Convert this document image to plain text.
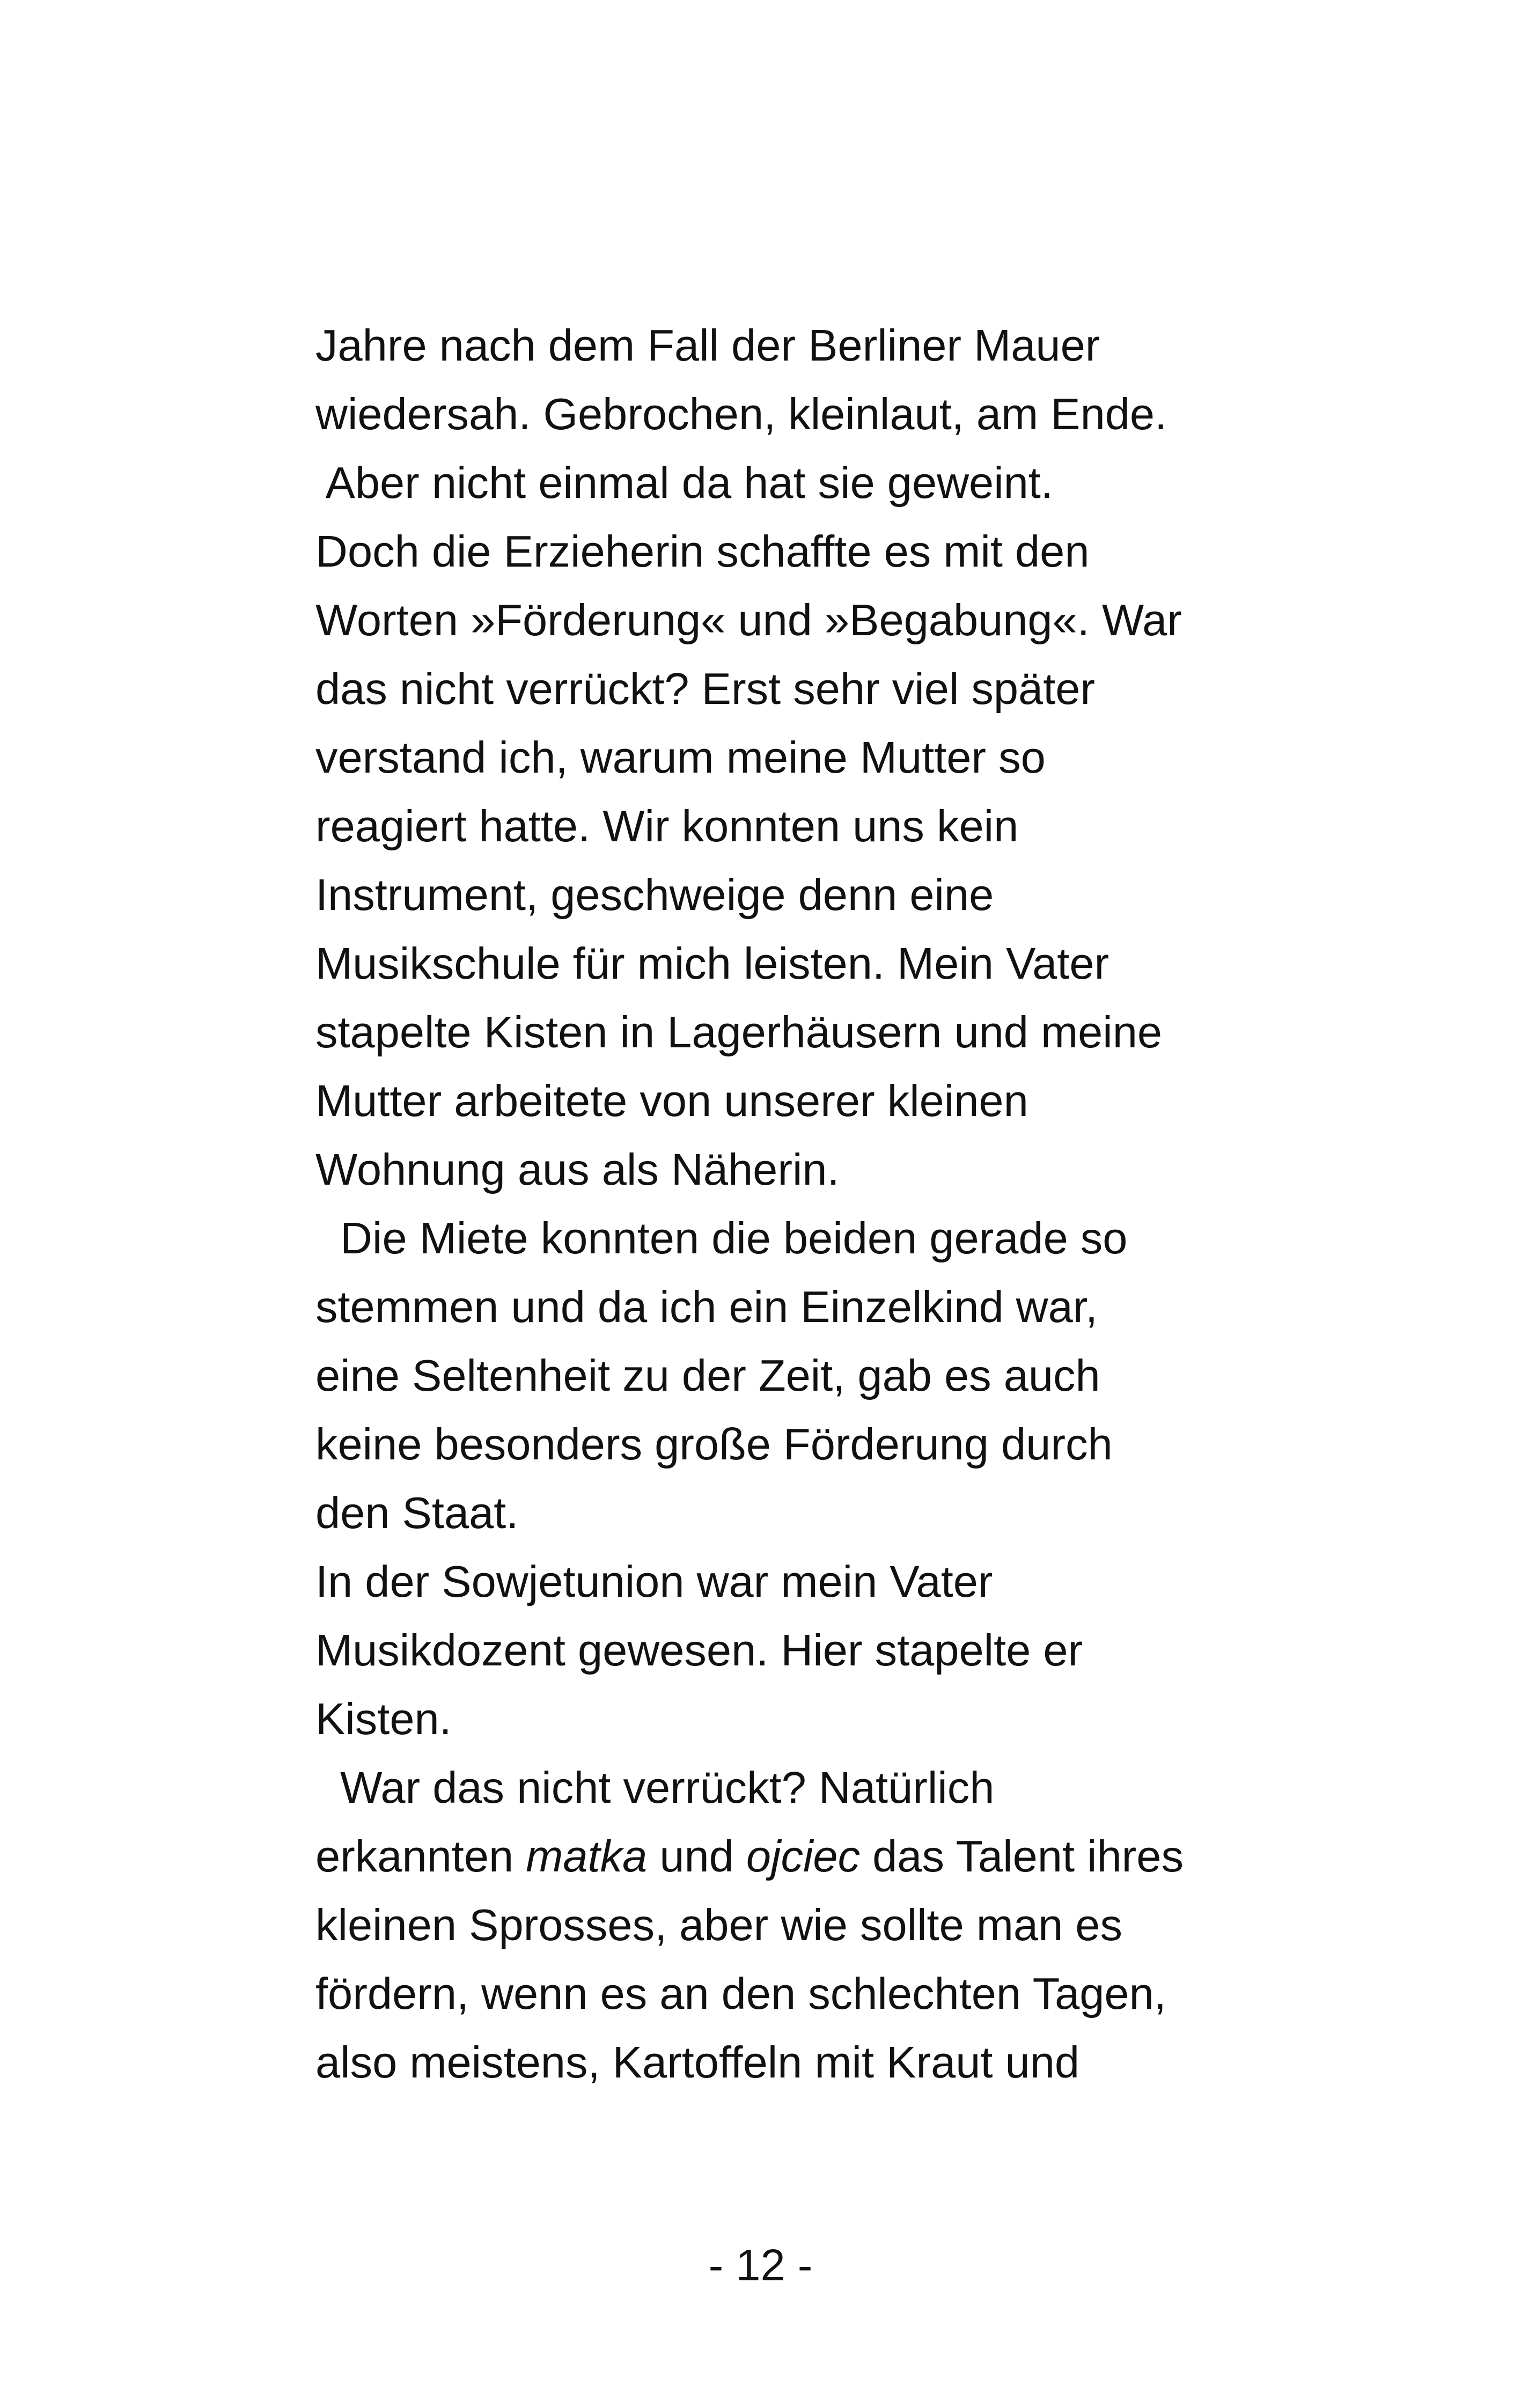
Jahre nach dem Fall der Berliner Mauer
wiedersah. Gebrochen, kleinlaut, am Ende.
Aber nicht einmal da hat sie geweint.
Doch die Erzieherin schaffte es mit den
Worten »Förderung« und »Begabung«. War
das nicht verrückt? Erst sehr viel später
verstand ich, warum meine Mutter so
reagiert hatte. Wir konnten uns kein
Instrument, geschweige denn eine
Musikschule für mich leisten. Mein Vater
stapelte Kisten in Lagerhäusern und meine
Mutter arbeitete von unserer kleinen
Wohnung aus als Näherin.
Die Miete konnten die beiden gerade so
stemmen und da ich ein Einzelkind war,
eine Seltenheit zu der Zeit, gab es auch
keine besonders große Förderung durch
den Staat.
In der Sowjetunion war mein Vater
Musikdozent gewesen. Hier stapelte er
Kisten.
War das nicht verrückt? Natürlich
erkannten matka und ojciec das Talent ihres
kleinen Sprosses, aber wie sollte man es
fördern, wenn es an den schlechten Tagen,
also meistens, Kartoffeln mit Kraut und
- 12 -
